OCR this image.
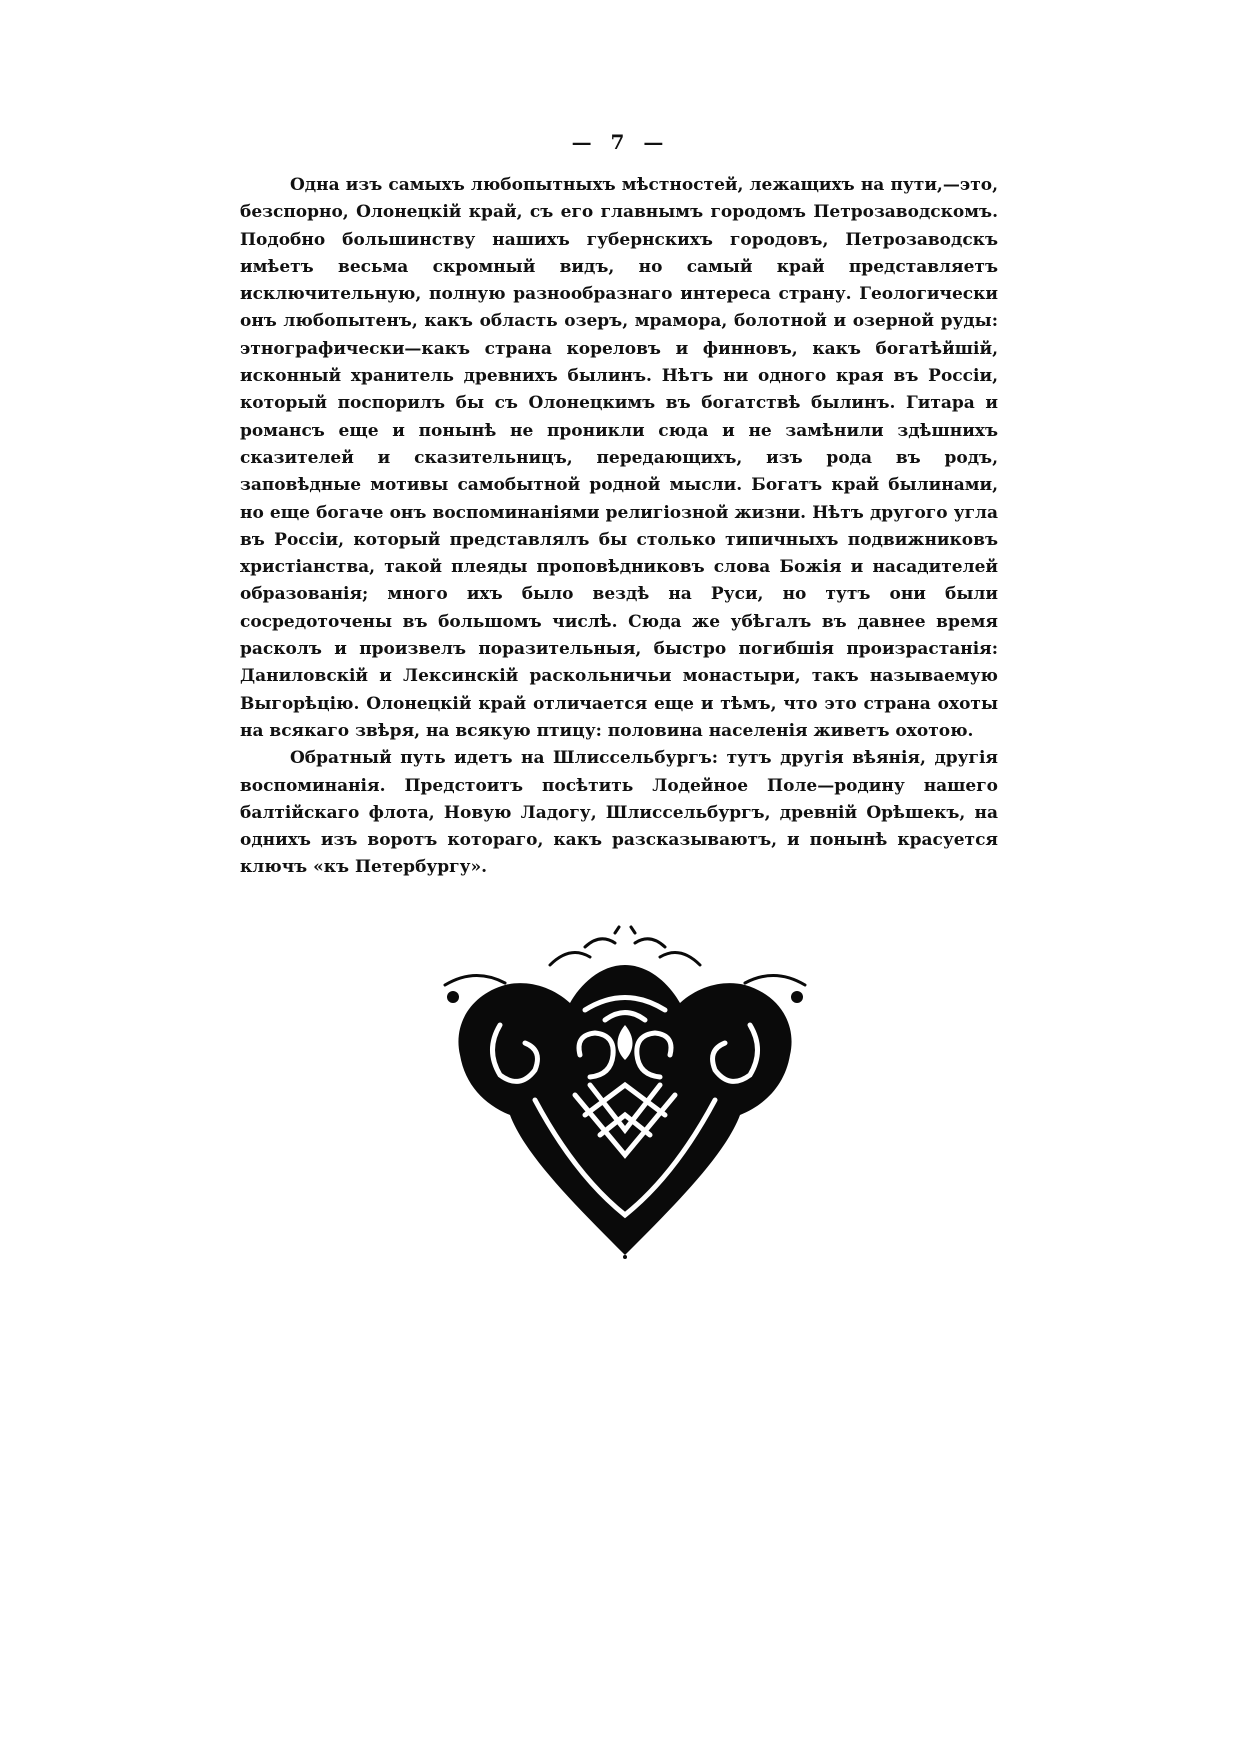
— 7 —

Одна изъ самыхъ любопытныхъ мѣстностей, лежащихъ на пути,—это, безспорно, Олонецкій край, съ его главнымъ городомъ Петрозаводскомъ. Подобно большинству нашихъ губернскихъ городовъ, Петрозаводскъ имѣетъ весьма скромный видъ, но самый край представляетъ исключительную, полную разнообразнаго интереса страну. Геологически онъ любопытенъ, какъ область озеръ, мрамора, болотной и озерной руды: этнографически—какъ страна кореловъ и финновъ, какъ богатѣйшій, исконный хранитель древнихъ былинъ. Нѣтъ ни одного края въ Россіи, который поспорилъ бы съ Олонецкимъ въ богатствѣ былинъ. Гитара и романсъ еще и понынѣ не проникли сюда и не замѣнили здѣшнихъ сказителей и сказительницъ, передающихъ, изъ рода въ родъ, заповѣдные мотивы самобытной родной мысли. Богатъ край былинами, но еще богаче онъ воспоминаніями религіозной жизни. Нѣтъ другого угла въ Россіи, который представлялъ бы столько типичныхъ подвижниковъ христіанства, такой плеяды проповѣдниковъ слова Божія и насадителей образованія; много ихъ было вездѣ на Руси, но тутъ они были сосредоточены въ большомъ числѣ. Сюда же убѣгалъ въ давнее время расколъ и произвелъ поразительныя, быстро погибшія произрастанія: Даниловскій и Лексинскій раскольничьи монастыри, такъ называемую Выгорѣцію. Олонецкій край отличается еще и тѣмъ, что это страна охоты на всякаго звѣря, на всякую птицу: половина населенія живетъ охотою.

Обратный путь идетъ на Шлиссельбургъ: тутъ другія вѣянія, другія воспоминанія. Предстоитъ посѣтить Лодейное Поле—родину нашего балтійскаго флота, Новую Ладогу, Шлиссельбургъ, древній Орѣшекъ, на однихъ изъ воротъ котораго, какъ разсказываютъ, и понынѣ красуется ключъ «къ Петербургу».
